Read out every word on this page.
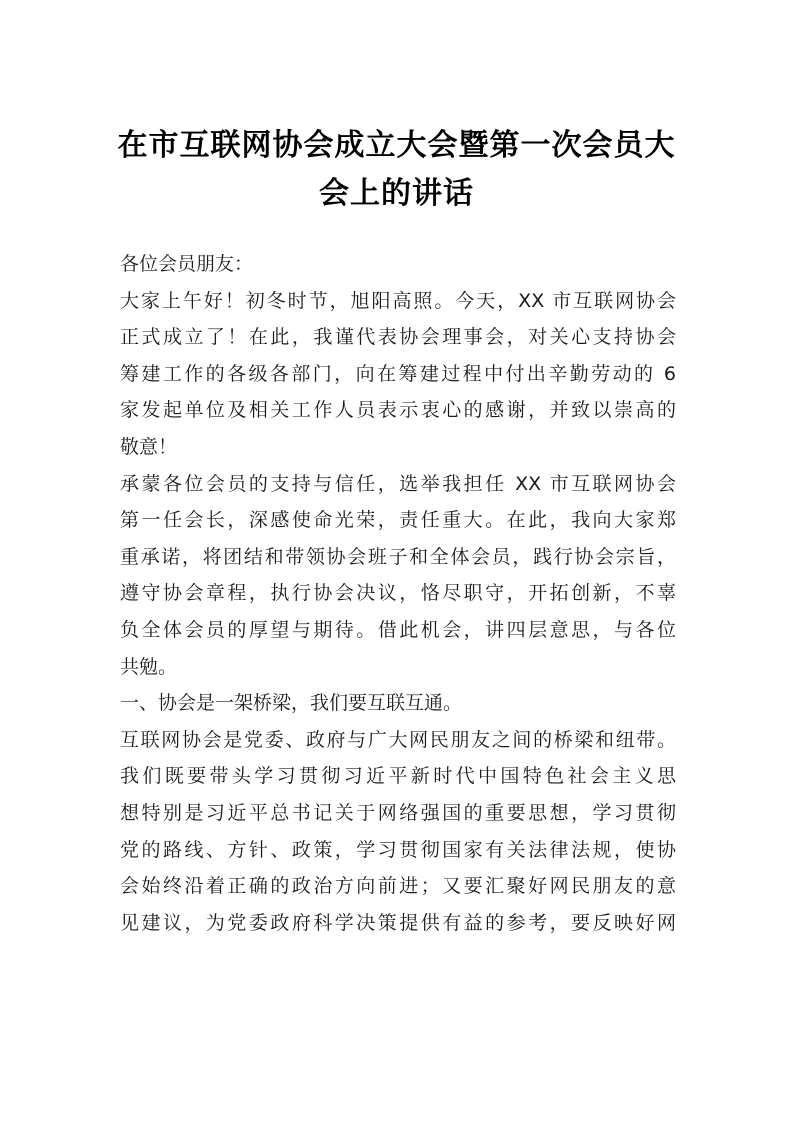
在市互联网协会成立大会暨第一次会员大
会上的讲话
各位会员朋友：
大家上午好！初冬时节，旭阳高照。今天，XX 市互联网协会
正式成立了！在此，我谨代表协会理事会，对关心支持协会
筹建工作的各级各部门，向在筹建过程中付出辛勤劳动的 6
家发起单位及相关工作人员表示衷心的感谢，并致以崇高的
敬意！
承蒙各位会员的支持与信任，选举我担任 XX 市互联网协会
第一任会长，深感使命光荣，责任重大。在此，我向大家郑
重承诺，将团结和带领协会班子和全体会员，践行协会宗旨，
遵守协会章程，执行协会决议，恪尽职守，开拓创新，不辜
负全体会员的厚望与期待。借此机会，讲四层意思，与各位
共勉。
一、协会是一架桥梁，我们要互联互通。
互联网协会是党委、政府与广大网民朋友之间的桥梁和纽带。
我们既要带头学习贯彻习近平新时代中国特色社会主义思
想特别是习近平总书记关于网络强国的重要思想，学习贯彻
党的路线、方针、政策，学习贯彻国家有关法律法规，使协
会始终沿着正确的政治方向前进；又要汇聚好网民朋友的意
见建议，为党委政府科学决策提供有益的参考，要反映好网
